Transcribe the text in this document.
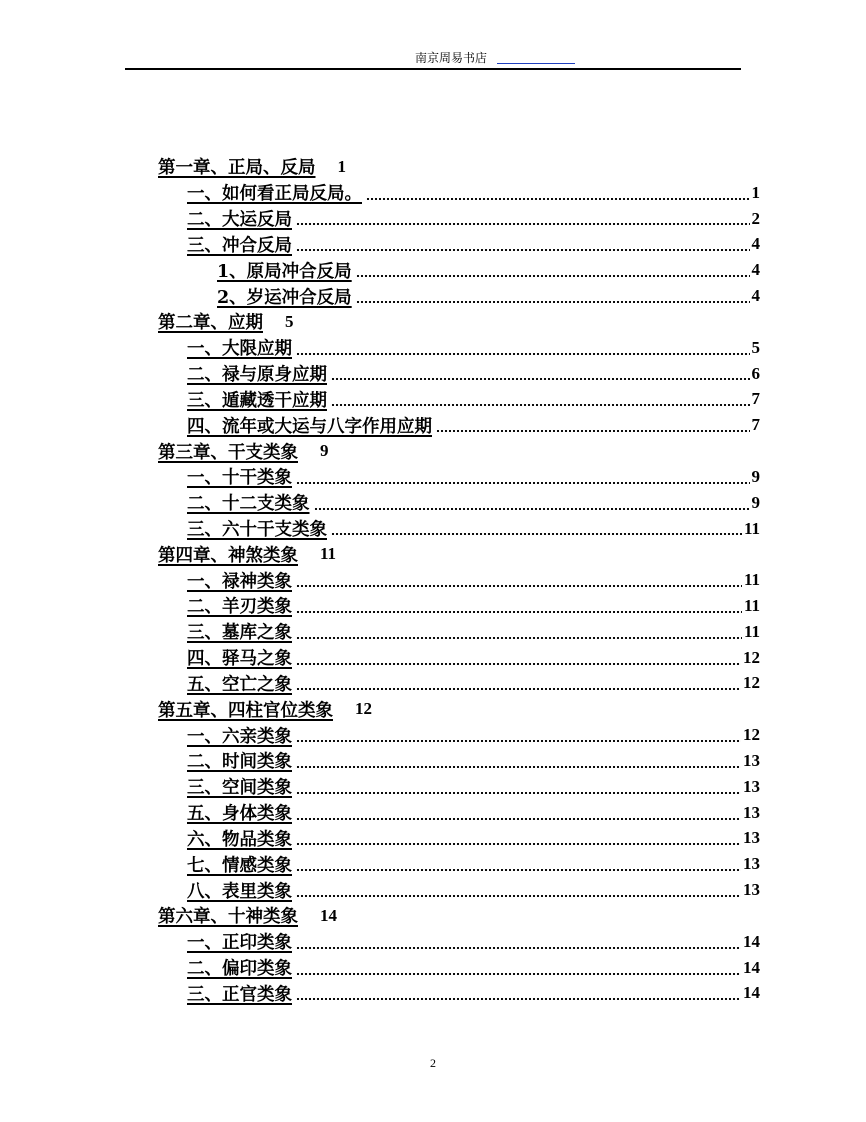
南京周易书店
第一章、正局、反局 1
一、如何看正局反局。	1
二、大运反局	2
三、冲合反局	4
1、原局冲合反局	4
2、岁运冲合反局	4
第二章、应期 5
一、大限应期	5
二、禄与原身应期	6
三、遁藏透干应期	7
四、流年或大运与八字作用应期	7
第三章、干支类象 9
一、十干类象	9
二、十二支类象	9
三、六十干支类象	11
第四章、神煞类象 11
一、禄神类象	11
二、羊刃类象	11
三、墓库之象	11
四、驿马之象	12
五、空亡之象	12
第五章、四柱官位类象 12
一、六亲类象	12
二、时间类象	13
三、空间类象	13
五、身体类象	13
六、物品类象	13
七、情感类象	13
八、表里类象	13
第六章、十神类象 14
一、正印类象	14
二、偏印类象	14
三、正官类象	14
2
